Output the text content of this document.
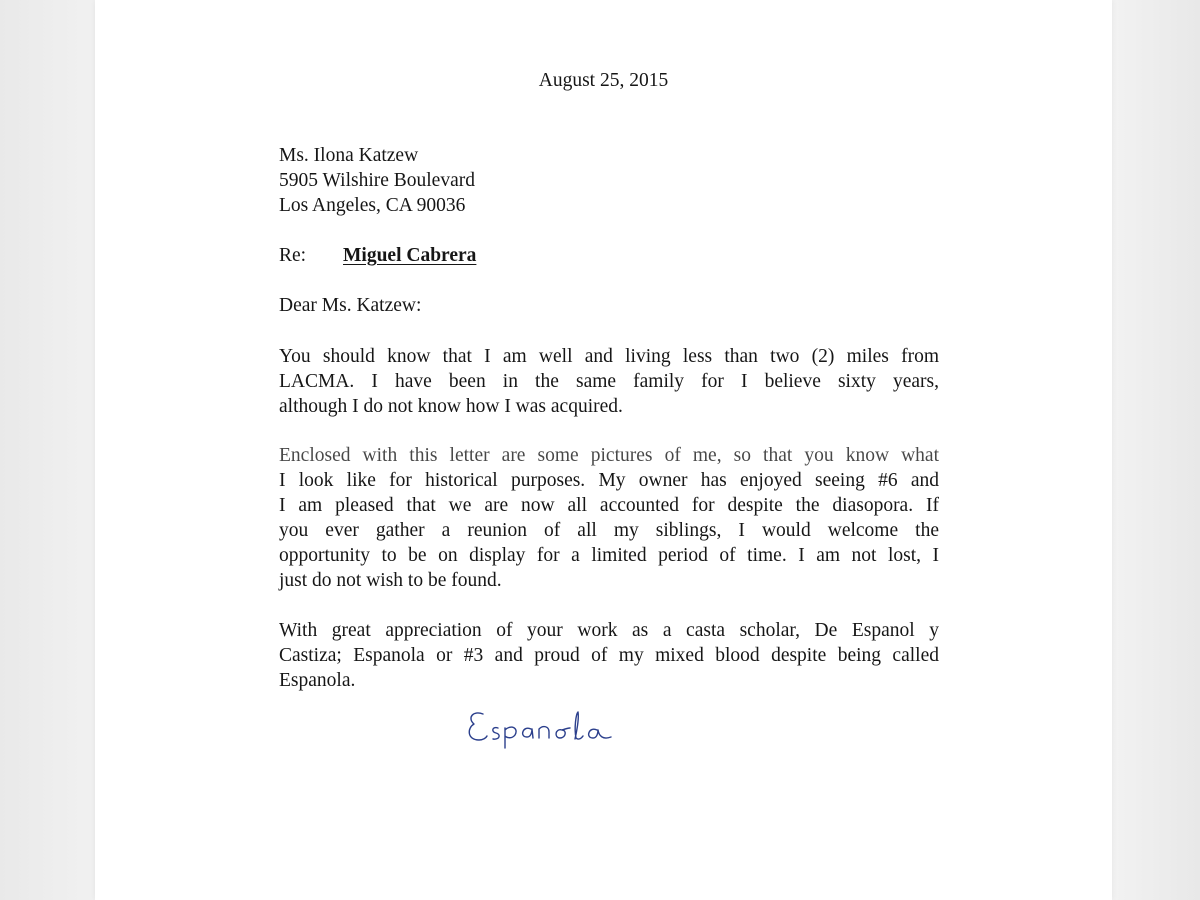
August 25, 2015
Ms. Ilona Katzew
5905 Wilshire Boulevard
Los Angeles, CA 90036
Re: Miguel Cabrera
Dear Ms. Katzew:
You should know that I am well and living less than two (2) miles from
LACMA. I have been in the same family for I believe sixty years,
although I do not know how I was acquired.
Enclosed with this letter are some pictures of me, so that you know what
I look like for historical purposes. My owner has enjoyed seeing #6 and
I am pleased that we are now all accounted for despite the diasopora. If
you ever gather a reunion of all my siblings, I would welcome the
opportunity to be on display for a limited period of time. I am not lost, I
just do not wish to be found.
With great appreciation of your work as a casta scholar, De Espanol y
Castiza; Espanola or #3 and proud of my mixed blood despite being called
Espanola.
